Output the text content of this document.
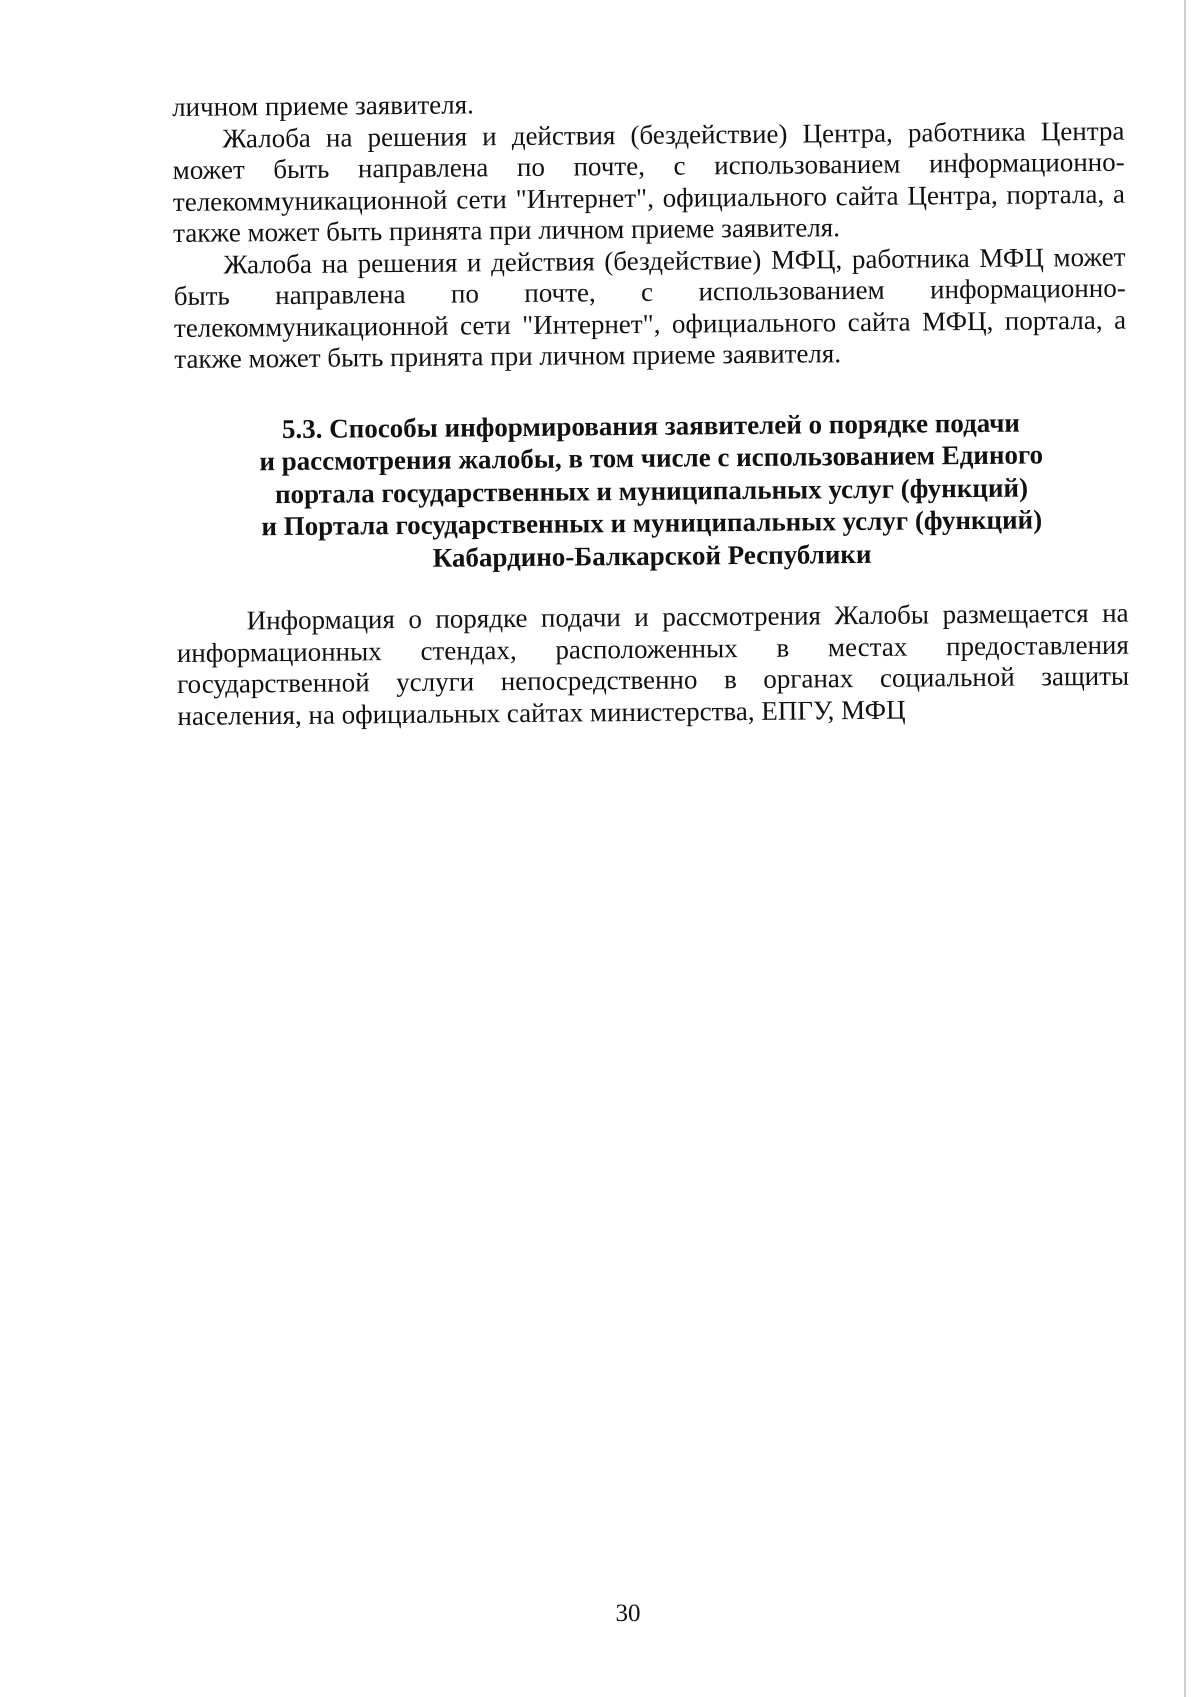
личном приеме заявителя.

Жалоба на решения и действия (бездействие) Центра, работника Центра может быть направлена по почте, с использованием информационно-телекоммуникационной сети "Интернет", официального сайта Центра, портала, а также может быть принята при личном приеме заявителя.

Жалоба на решения и действия (бездействие) МФЦ, работника МФЦ может быть направлена по почте, с использованием информационно-телекоммуникационной сети "Интернет", официального сайта МФЦ, портала, а также может быть принята при личном приеме заявителя.

5.3. Способы информирования заявителей о порядке подачи
и рассмотрения жалобы, в том числе с использованием Единого
портала государственных и муниципальных услуг (функций)
и Портала государственных и муниципальных услуг (функций)
Кабардино-Балкарской Республики

Информация о порядке подачи и рассмотрения Жалобы размещается на информационных стендах, расположенных в местах предоставления государственной услуги непосредственно в органах социальной защиты населения, на официальных сайтах министерства, ЕПГУ, МФЦ

30
